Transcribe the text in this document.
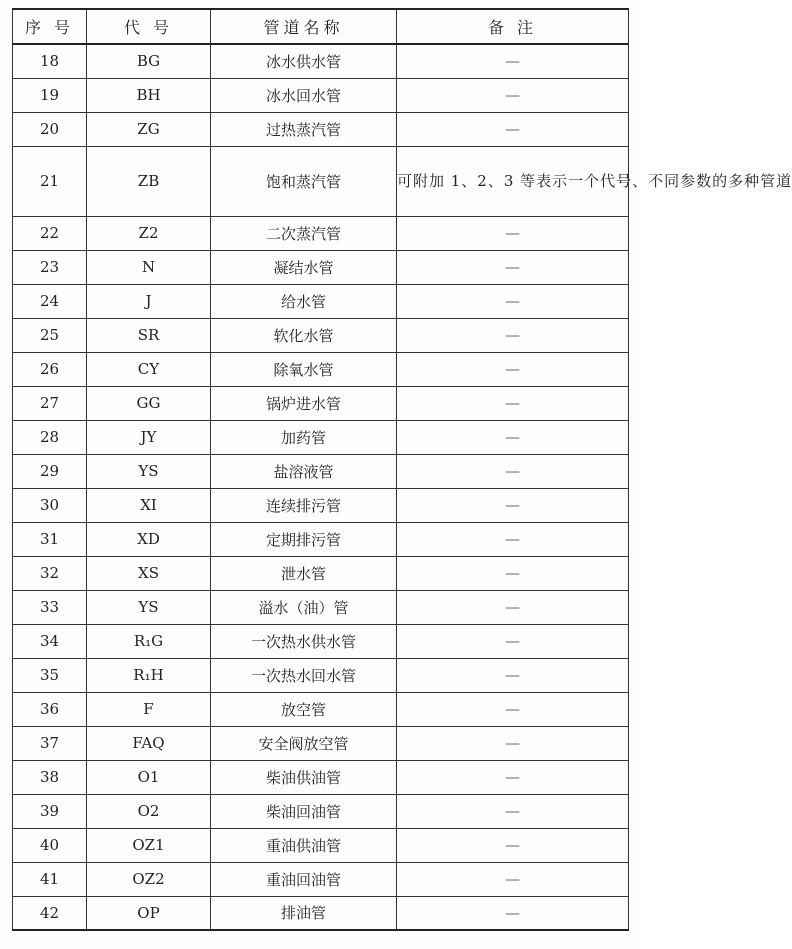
序 号	代 号	管道名称	备 注
18	BG	冰水供水管	—
19	BH	冰水回水管	—
20	ZG	过热蒸汽管	—
21	ZB	饱和蒸汽管	可附加 1、2、3 等表示一个代号、不同参数的多种管道
22	Z2	二次蒸汽管	—
23	N	凝结水管	—
24	J	给水管	—
25	SR	软化水管	—
26	CY	除氧水管	—
27	GG	锅炉进水管	—
28	JY	加药管	—
29	YS	盐溶液管	—
30	XI	连续排污管	—
31	XD	定期排污管	—
32	XS	泄水管	—
33	YS	溢水（油）管	—
34	R₁G	一次热水供水管	—
35	R₁H	一次热水回水管	—
36	F	放空管	—
37	FAQ	安全阀放空管	—
38	O1	柴油供油管	—
39	O2	柴油回油管	—
40	OZ1	重油供油管	—
41	OZ2	重油回油管	—
42	OP	排油管	—
